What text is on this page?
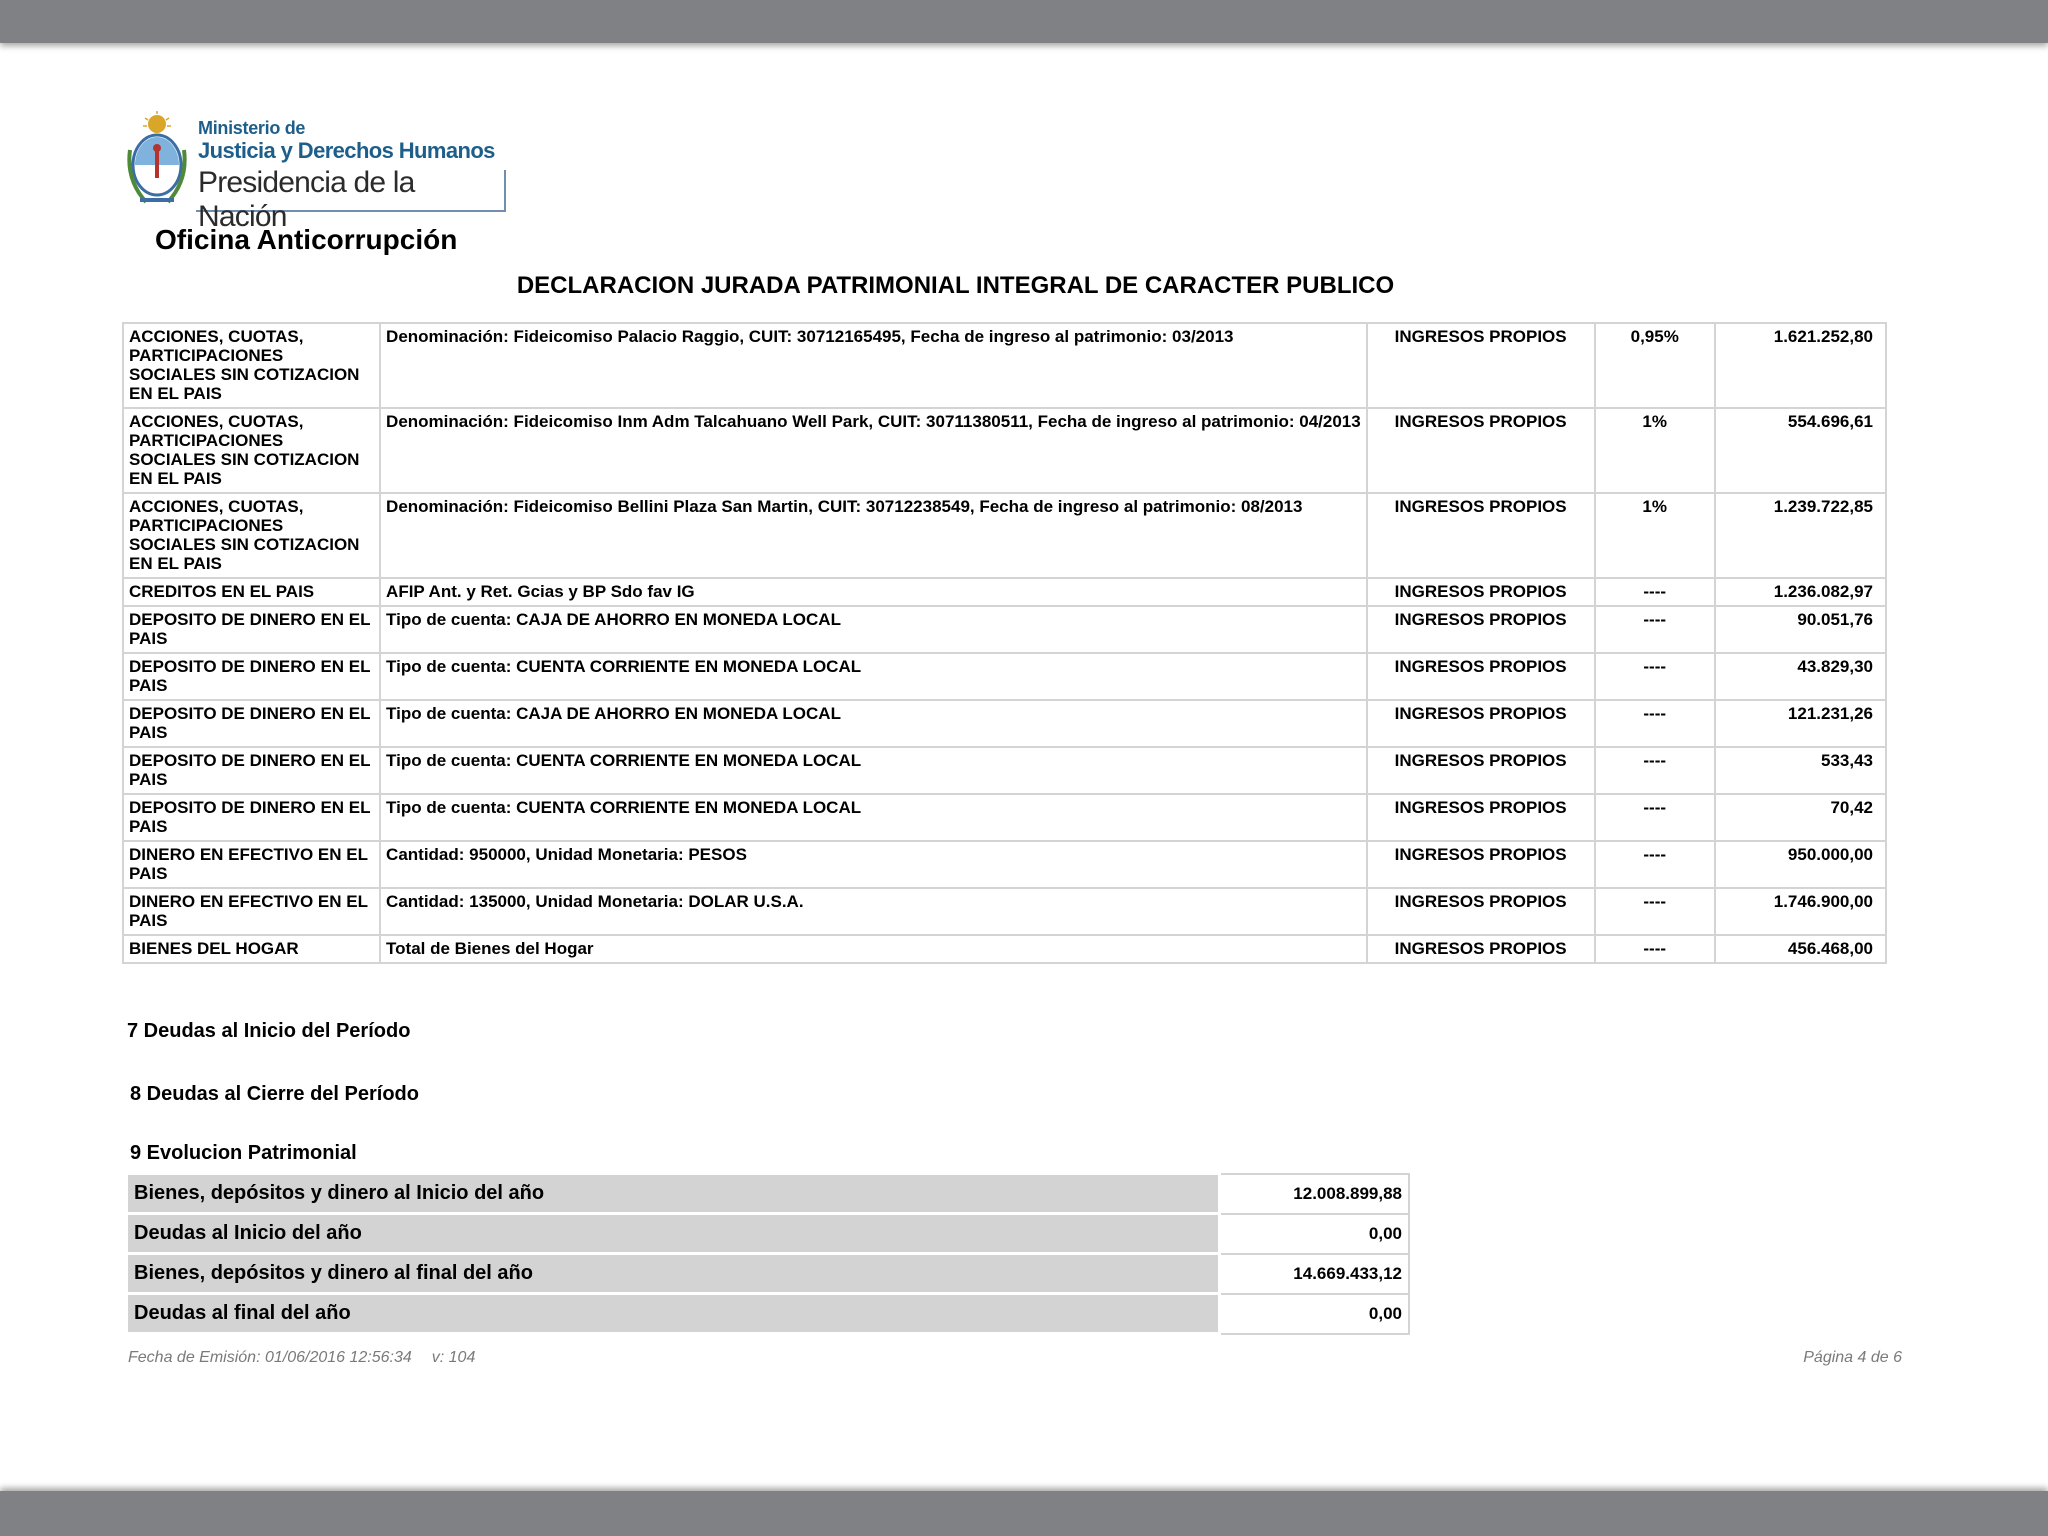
Ministerio de
Justicia y Derechos Humanos
Presidencia de la Nación
Oficina Anticorrupción
DECLARACION JURADA PATRIMONIAL INTEGRAL DE CARACTER PUBLICO
ACCIONES, CUOTAS, PARTICIPACIONES SOCIALES SIN COTIZACION EN EL PAIS	Denominación: Fideicomiso Palacio Raggio, CUIT: 30712165495, Fecha de ingreso al patrimonio: 03/2013	INGRESOS PROPIOS	0,95%	1.621.252,80
ACCIONES, CUOTAS, PARTICIPACIONES SOCIALES SIN COTIZACION EN EL PAIS	Denominación: Fideicomiso Inm Adm Talcahuano Well Park, CUIT: 30711380511, Fecha de ingreso al patrimonio: 04/2013	INGRESOS PROPIOS	1%	554.696,61
ACCIONES, CUOTAS, PARTICIPACIONES SOCIALES SIN COTIZACION EN EL PAIS	Denominación: Fideicomiso Bellini Plaza San Martin, CUIT: 30712238549, Fecha de ingreso al patrimonio: 08/2013	INGRESOS PROPIOS	1%	1.239.722,85
CREDITOS EN EL PAIS	AFIP Ant. y Ret. Gcias y BP Sdo fav IG	INGRESOS PROPIOS	----	1.236.082,97
DEPOSITO DE DINERO EN EL PAIS	Tipo de cuenta: CAJA DE AHORRO EN MONEDA LOCAL	INGRESOS PROPIOS	----	90.051,76
DEPOSITO DE DINERO EN EL PAIS	Tipo de cuenta: CUENTA CORRIENTE EN MONEDA LOCAL	INGRESOS PROPIOS	----	43.829,30
DEPOSITO DE DINERO EN EL PAIS	Tipo de cuenta: CAJA DE AHORRO EN MONEDA LOCAL	INGRESOS PROPIOS	----	121.231,26
DEPOSITO DE DINERO EN EL PAIS	Tipo de cuenta: CUENTA CORRIENTE EN MONEDA LOCAL	INGRESOS PROPIOS	----	533,43
DEPOSITO DE DINERO EN EL PAIS	Tipo de cuenta: CUENTA CORRIENTE EN MONEDA LOCAL	INGRESOS PROPIOS	----	70,42
DINERO EN EFECTIVO EN EL PAIS	Cantidad: 950000, Unidad Monetaria: PESOS	INGRESOS PROPIOS	----	950.000,00
DINERO EN EFECTIVO EN EL PAIS	Cantidad: 135000, Unidad Monetaria: DOLAR U.S.A.	INGRESOS PROPIOS	----	1.746.900,00
BIENES DEL HOGAR	Total de Bienes del Hogar	INGRESOS PROPIOS	----	456.468,00
7 Deudas al Inicio del Período
8 Deudas al Cierre del Período
9 Evolucion Patrimonial
Bienes, depósitos y dinero al Inicio del año	12.008.899,88
Deudas al Inicio del año	0,00
Bienes, depósitos y dinero al final del año	14.669.433,12
Deudas al final del año	0,00
Fecha de Emisión: 01/06/2016 12:56:34 v: 104	Página 4 de 6
